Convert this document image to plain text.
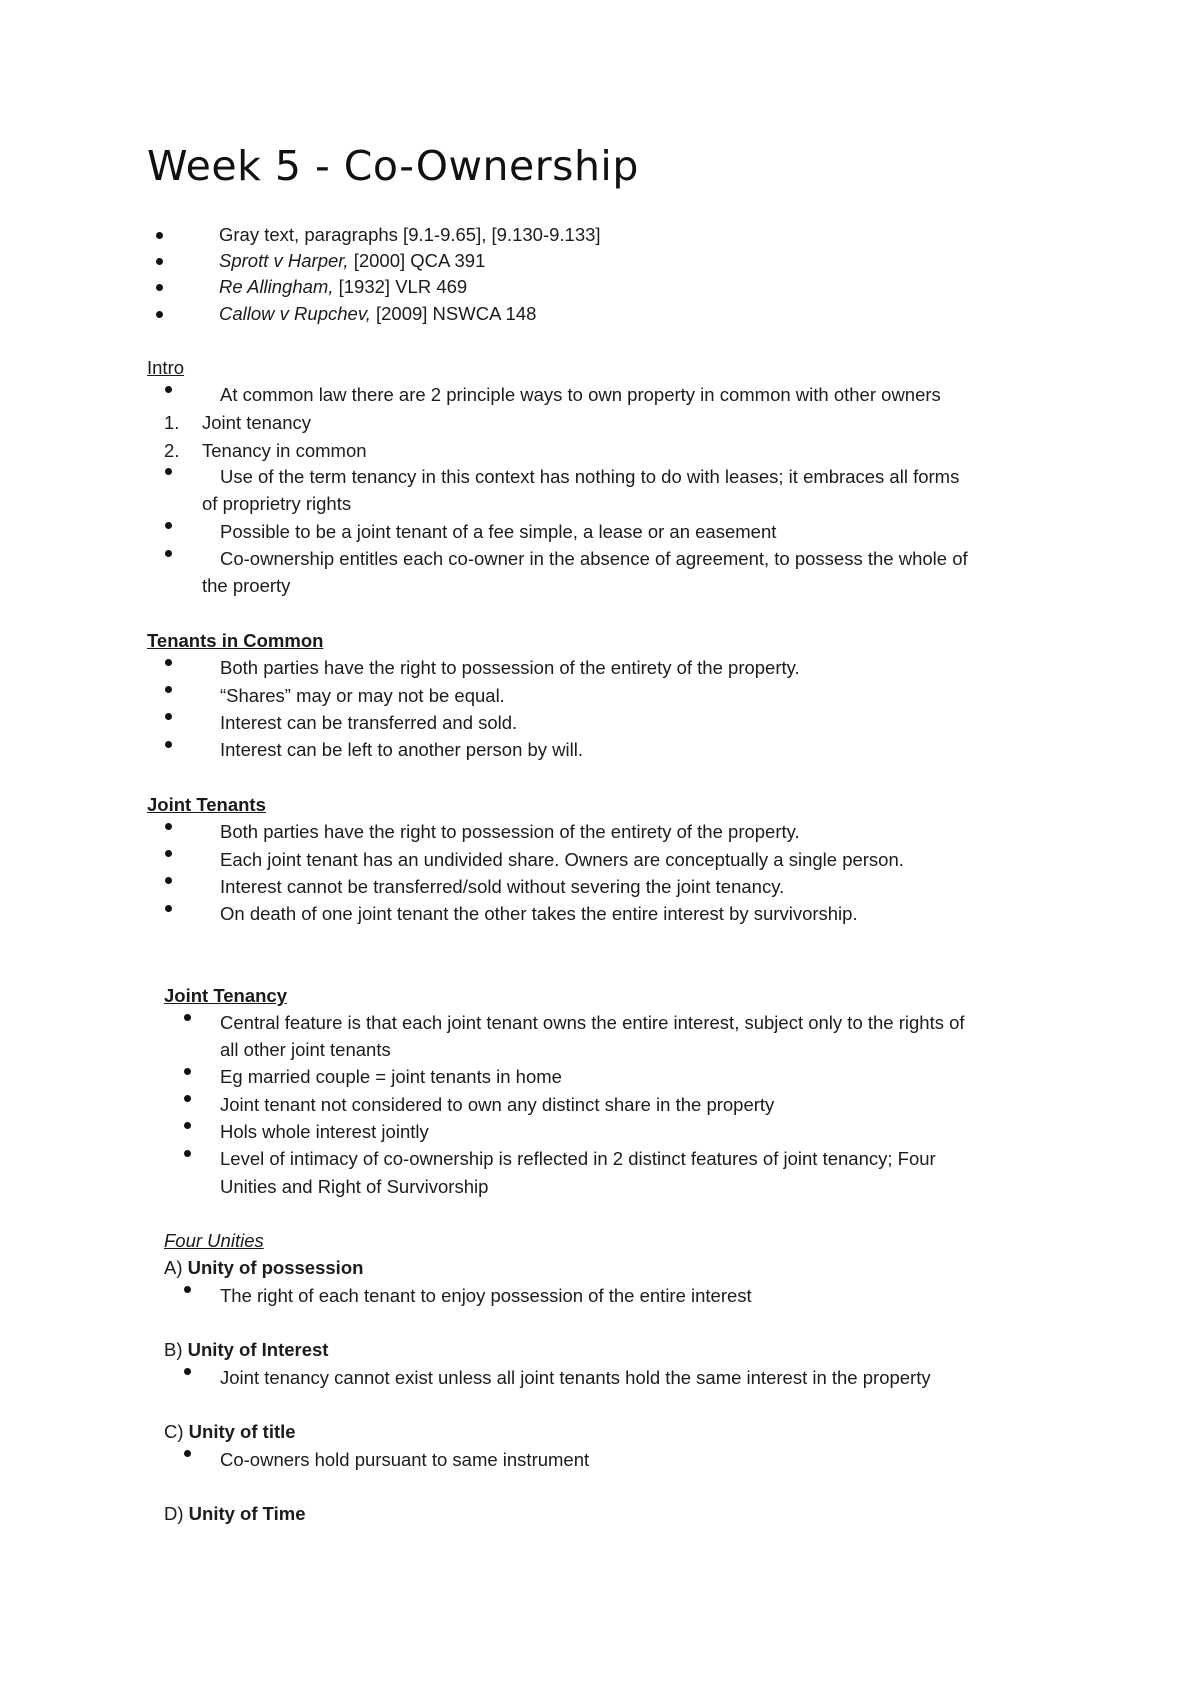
Week 5 - Co-Ownership
Gray text, paragraphs [9.1-9.65], [9.130-9.133]
Sprott v Harper, [2000] QCA 391
Re Allingham, [1932] VLR 469
Callow v Rupchev, [2009] NSWCA 148
Intro
At common law there are 2 principle ways to own property in common with other owners
1. Joint tenancy
2. Tenancy in common
Use of the term tenancy in this context has nothing to do with leases; it embraces all forms
of proprietry rights
Possible to be a joint tenant of a fee simple, a lease or an easement
Co-ownership entitles each co-owner in the absence of agreement, to possess the whole of
the proerty
Tenants in Common
Both parties have the right to possession of the entirety of the property.
“Shares” may or may not be equal.
Interest can be transferred and sold.
Interest can be left to another person by will.
Joint Tenants
Both parties have the right to possession of the entirety of the property.
Each joint tenant has an undivided share. Owners are conceptually a single person.
Interest cannot be transferred/sold without severing the joint tenancy.
On death of one joint tenant the other takes the entire interest by survivorship.
Joint Tenancy
Central feature is that each joint tenant owns the entire interest, subject only to the rights of
all other joint tenants
Eg married couple = joint tenants in home
Joint tenant not considered to own any distinct share in the property
Hols whole interest jointly
Level of intimacy of co-ownership is reflected in 2 distinct features of joint tenancy; Four
Unities and Right of Survivorship
Four Unities
A) Unity of possession
The right of each tenant to enjoy possession of the entire interest
B) Unity of Interest
Joint tenancy cannot exist unless all joint tenants hold the same interest in the property
C) Unity of title
Co-owners hold pursuant to same instrument
D) Unity of Time
